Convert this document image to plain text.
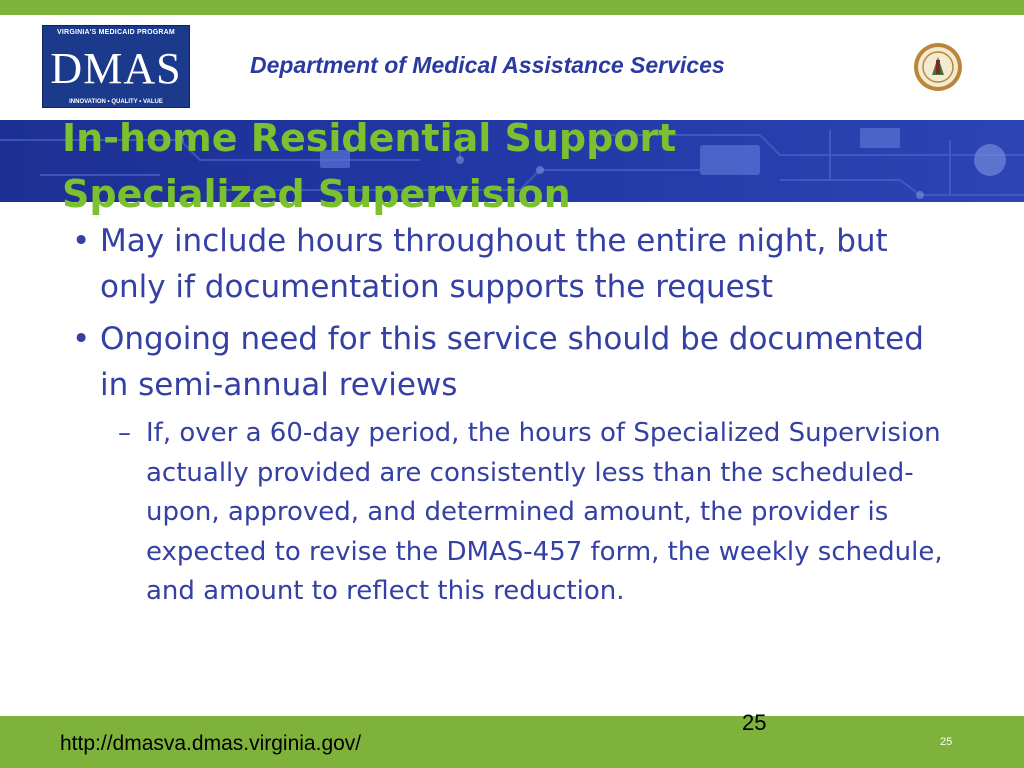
VIRGINIA'S MEDICAID PROGRAM
DMAS
INNOVATION • QUALITY • VALUE
Department of Medical Assistance Services
In-home Residential Support
Specialized Supervision
• May include hours throughout the entire night, but only if documentation supports the request
• Ongoing need for this service should be documented in semi-annual reviews
– If, over a 60-day period, the hours of Specialized Supervision actually provided are consistently less than the scheduled-upon, approved, and determined amount, the provider is expected to revise the DMAS-457 form, the weekly schedule, and amount to reflect this reduction.
http://dmasva.dmas.virginia.gov/
25
25
